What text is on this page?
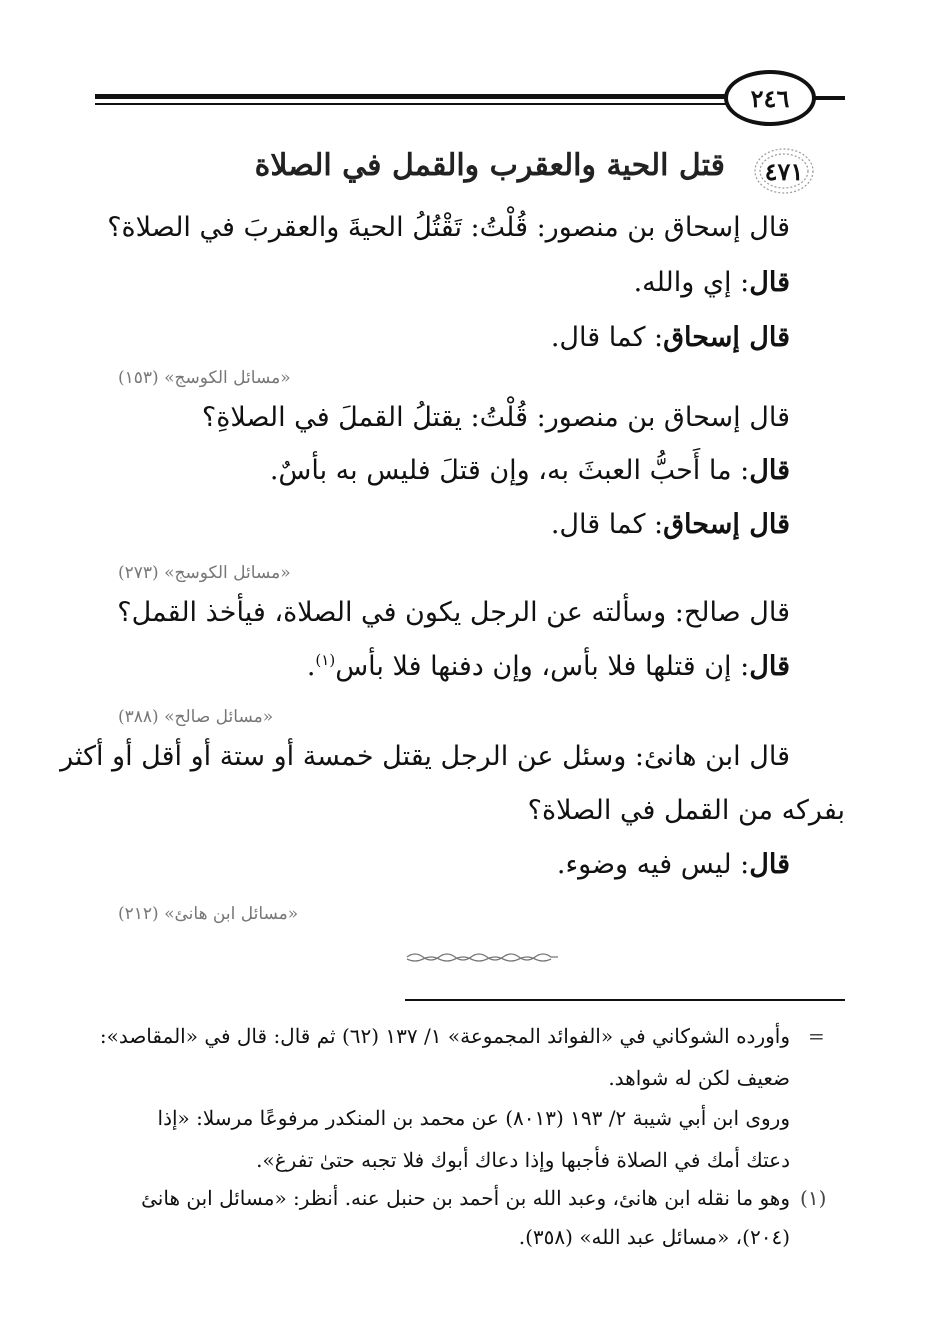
٢٤٦
٤٧١
قتل الحية والعقرب والقمل في الصلاة
قال إسحاق بن منصور: قُلْتُ: تَقْتُلُ الحيةَ والعقربَ في الصلاة؟
قال: إي والله.
قال إسحاق: كما قال.
«مسائل الكوسج» (١٥٣)
قال إسحاق بن منصور: قُلْتُ: يقتلُ القملَ في الصلاةِ؟
قال: ما أَحبُّ العبثَ به، وإن قتلَ فليس به بأسٌ.
قال إسحاق: كما قال.
«مسائل الكوسج» (٢٧٣)
قال صالح: وسألته عن الرجل يكون في الصلاة، فيأخذ القمل؟
قال: إن قتلها فلا بأس، وإن دفنها فلا بأس$^{(١)}$.
«مسائل صالح» (٣٨٨)
قال ابن هانئ: وسئل عن الرجل يقتل خمسة أو ستة أو أقل أو أكثر
بفركه من القمل في الصلاة؟
قال: ليس فيه وضوء.
«مسائل ابن هانئ» (٢١٢)
=
وأورده الشوكاني في «الفوائد المجموعة» ١/ ١٣٧ (٦٢) ثم قال: قال في «المقاصد»:
ضعيف لكن له شواهد.
وروى ابن أبي شيبة ٢/ ١٩٣ (٨٠١٣) عن محمد بن المنكدر مرفوعًا مرسلا: «إذا
دعتك أمك في الصلاة فأجبها وإذا دعاك أبوك فلا تجبه حتىٰ تفرغ».
(١)
وهو ما نقله ابن هانئ، وعبد الله بن أحمد بن حنبل عنه. أنظر: «مسائل ابن هانئ
(٢٠٤)، «مسائل عبد الله» (٣٥٨).
